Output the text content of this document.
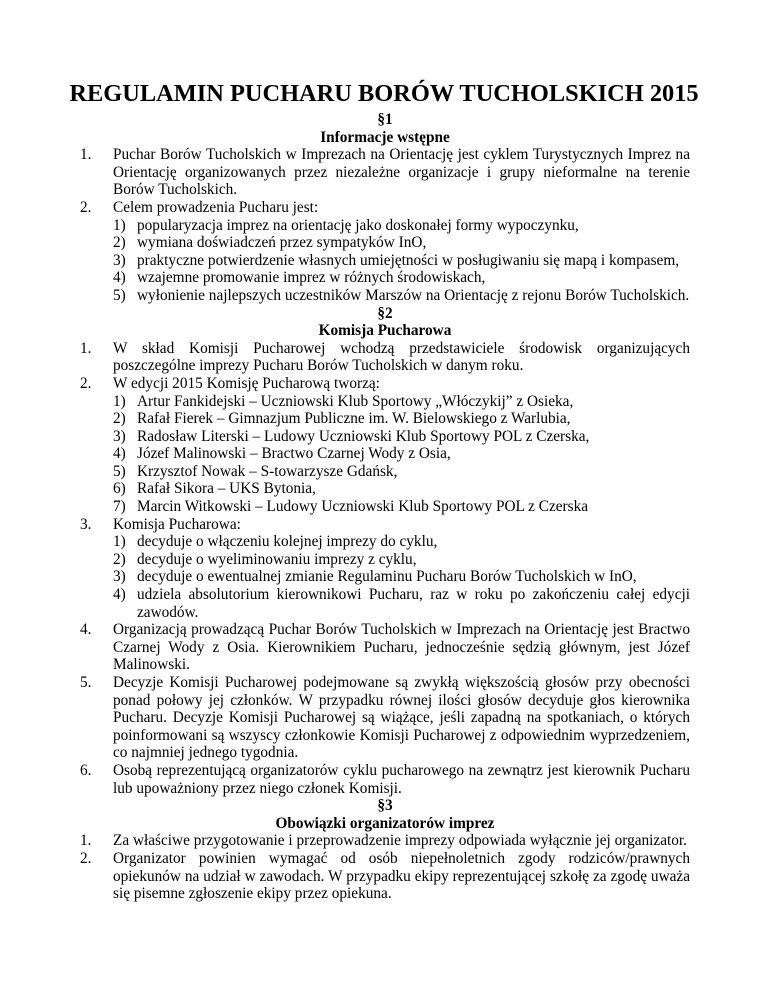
REGULAMIN PUCHARU BORÓW TUCHOLSKICH 2015
§1
Informacje wstępne
1. Puchar Borów Tucholskich w Imprezach na Orientację jest cyklem Turystycznych Imprez na Orientację organizowanych przez niezależne organizacje i grupy nieformalne na terenie Borów Tucholskich.
2. Celem prowadzenia Pucharu jest:
1) popularyzacja imprez na orientację jako doskonałej formy wypoczynku,
2) wymiana doświadczeń przez sympatyków InO,
3) praktyczne potwierdzenie własnych umiejętności w posługiwaniu się mapą i kompasem,
4) wzajemne promowanie imprez w różnych środowiskach,
5) wyłonienie najlepszych uczestników Marszów na Orientację z rejonu Borów Tucholskich.
§2
Komisja Pucharowa
1. W skład Komisji Pucharowej wchodzą przedstawiciele środowisk organizujących poszczególne imprezy Pucharu Borów Tucholskich w danym roku.
2. W edycji 2015 Komisję Pucharową tworzą:
1) Artur Fankidejski – Uczniowski Klub Sportowy „Włóczykij” z Osieka,
2) Rafał Fierek – Gimnazjum Publiczne im. W. Bielowskiego z Warlubia,
3) Radosław Literski – Ludowy Uczniowski Klub Sportowy POL z Czerska,
4) Józef Malinowski – Bractwo Czarnej Wody z Osia,
5) Krzysztof Nowak – S-towarzysze Gdańsk,
6) Rafał Sikora – UKS Bytonia,
7) Marcin Witkowski – Ludowy Uczniowski Klub Sportowy POL z Czerska
3. Komisja Pucharowa:
1) decyduje o włączeniu kolejnej imprezy do cyklu,
2) decyduje o wyeliminowaniu imprezy z cyklu,
3) decyduje o ewentualnej zmianie Regulaminu Pucharu Borów Tucholskich w InO,
4) udziela absolutorium kierownikowi Pucharu, raz w roku po zakończeniu całej edycji zawodów.
4. Organizacją prowadzącą Puchar Borów Tucholskich w Imprezach na Orientację jest Bractwo Czarnej Wody z Osia. Kierownikiem Pucharu, jednocześnie sędzią głównym, jest Józef Malinowski.
5. Decyzje Komisji Pucharowej podejmowane są zwykłą większością głosów przy obecności ponad połowy jej członków. W przypadku równej ilości głosów decyduje głos kierownika Pucharu. Decyzje Komisji Pucharowej są wiążące, jeśli zapadną na spotkaniach, o których poinformowani są wszyscy członkowie Komisji Pucharowej z odpowiednim wyprzedzeniem, co najmniej jednego tygodnia.
6. Osobą reprezentującą organizatorów cyklu pucharowego na zewnątrz jest kierownik Pucharu lub upoważniony przez niego członek Komisji.
§3
Obowiązki organizatorów imprez
1. Za właściwe przygotowanie i przeprowadzenie imprezy odpowiada wyłącznie jej organizator.
2. Organizator powinien wymagać od osób niepełnoletnich zgody rodziców/prawnych opiekunów na udział w zawodach. W przypadku ekipy reprezentującej szkołę za zgodę uważa się pisemne zgłoszenie ekipy przez opiekuna.
